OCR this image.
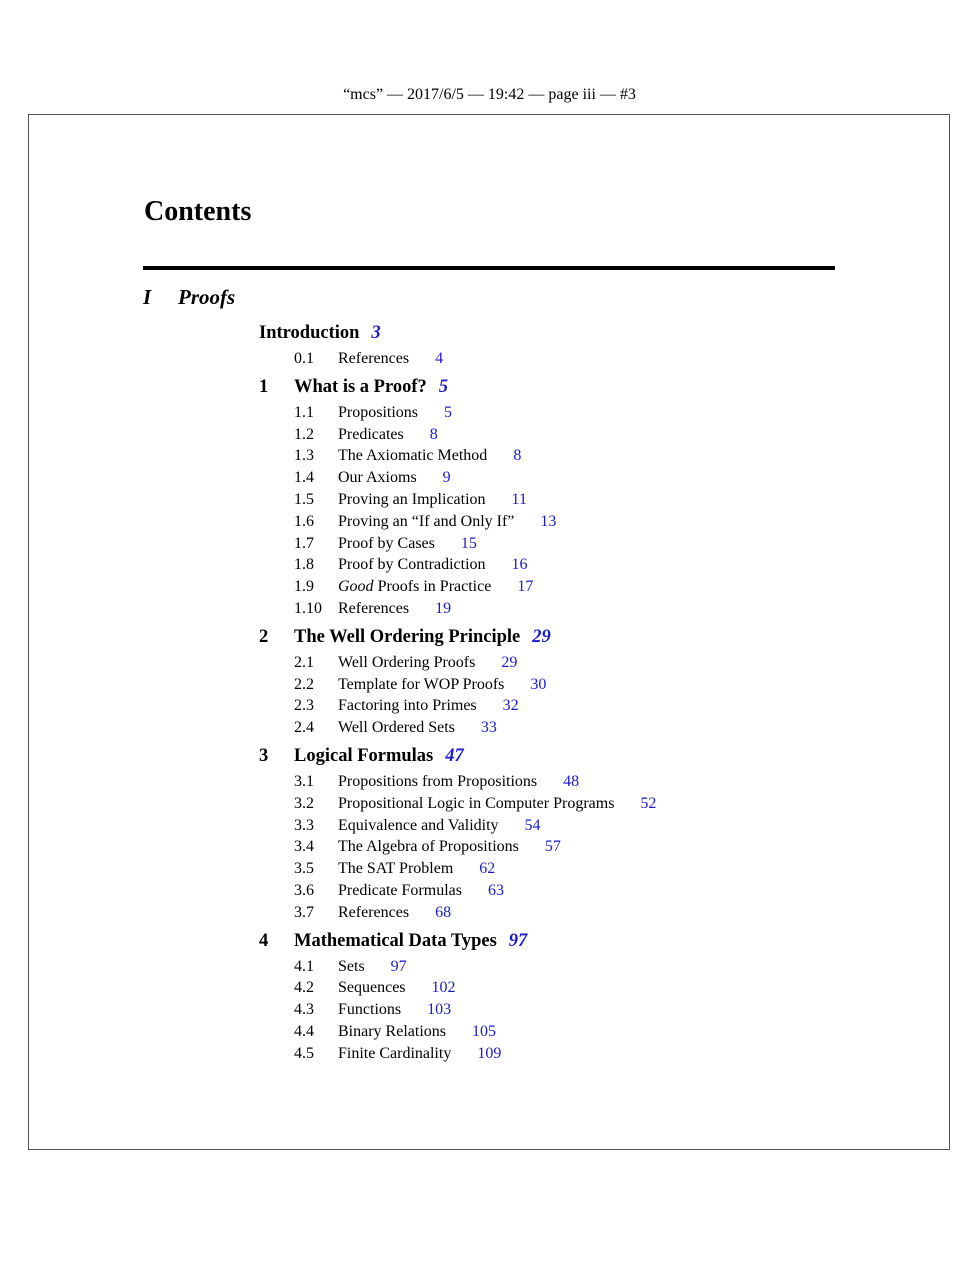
“mcs” — 2017/6/5 — 19:42 — page iii — #3
Contents
I Proofs
Introduction 3
0.1 References 4
1 What is a Proof? 5
1.1 Propositions 5
1.2 Predicates 8
1.3 The Axiomatic Method 8
1.4 Our Axioms 9
1.5 Proving an Implication 11
1.6 Proving an “If and Only If” 13
1.7 Proof by Cases 15
1.8 Proof by Contradiction 16
1.9 Good Proofs in Practice 17
1.10 References 19
2 The Well Ordering Principle 29
2.1 Well Ordering Proofs 29
2.2 Template for WOP Proofs 30
2.3 Factoring into Primes 32
2.4 Well Ordered Sets 33
3 Logical Formulas 47
3.1 Propositions from Propositions 48
3.2 Propositional Logic in Computer Programs 52
3.3 Equivalence and Validity 54
3.4 The Algebra of Propositions 57
3.5 The SAT Problem 62
3.6 Predicate Formulas 63
3.7 References 68
4 Mathematical Data Types 97
4.1 Sets 97
4.2 Sequences 102
4.3 Functions 103
4.4 Binary Relations 105
4.5 Finite Cardinality 109
